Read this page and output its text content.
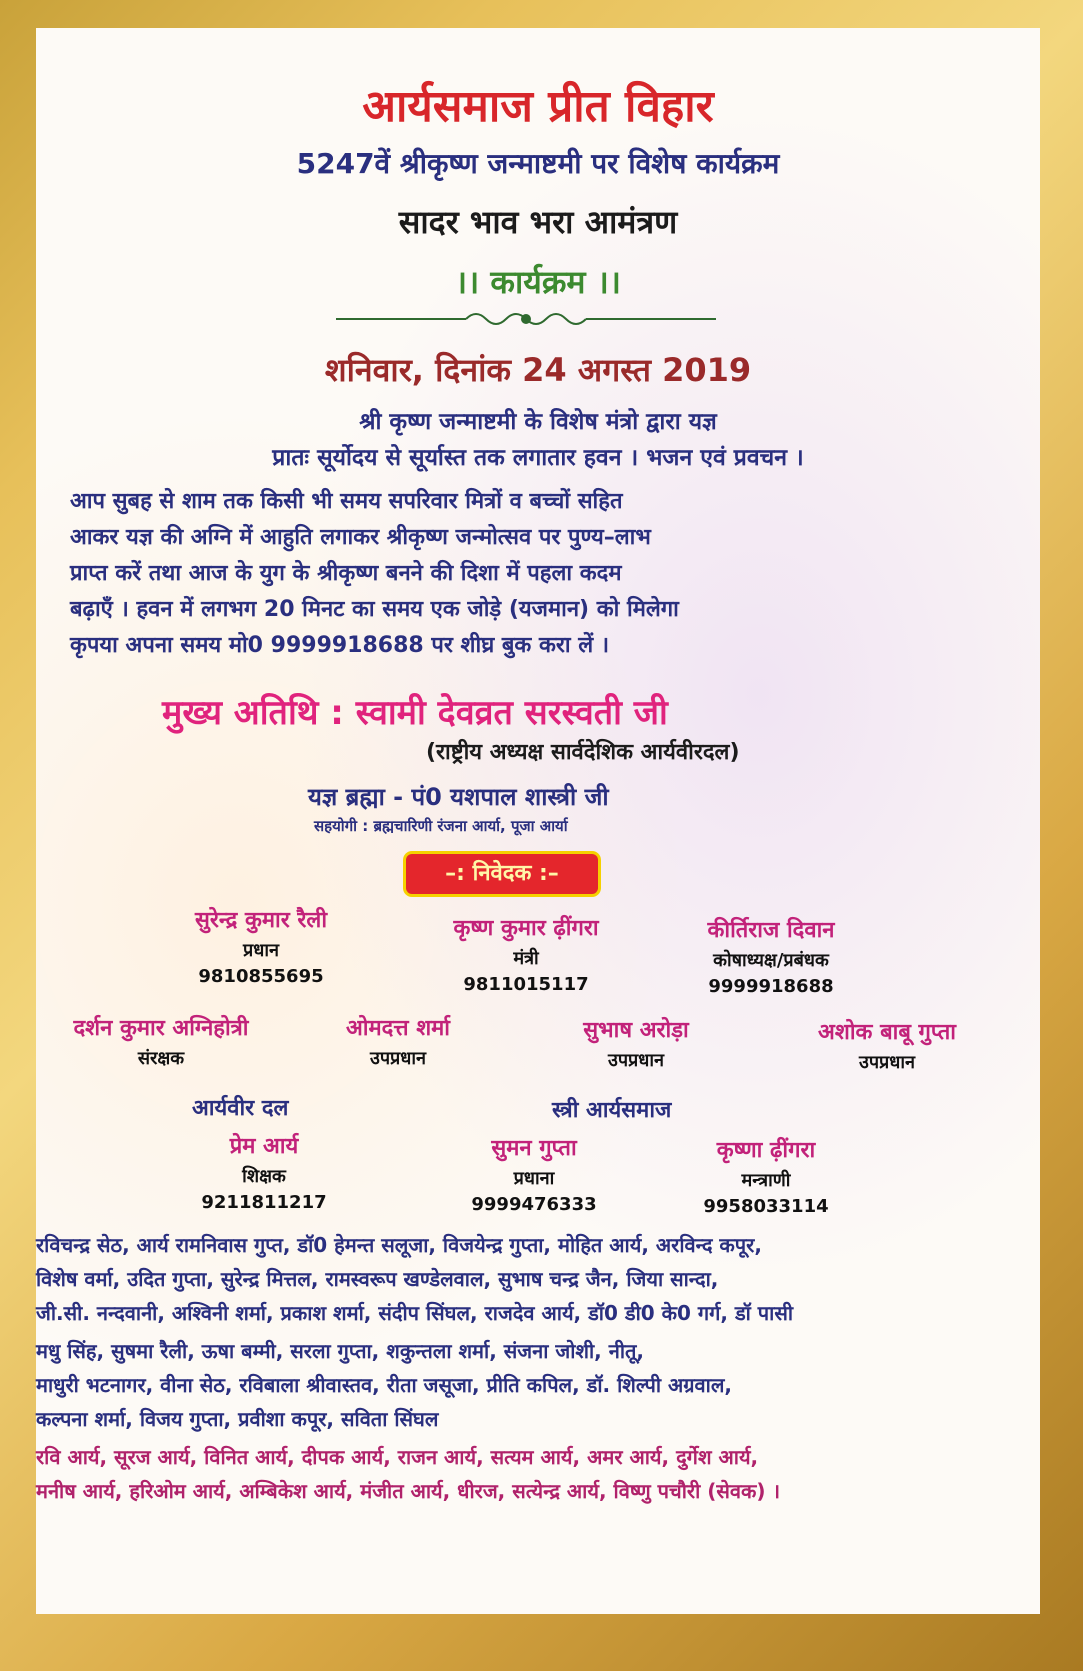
आर्यसमाज प्रीत विहार
5247वें श्रीकृष्ण जन्माष्टमी पर विशेष कार्यक्रम
सादर भाव भरा आमंत्रण
।। कार्यक्रम ।।
शनिवार, दिनांक 24 अगस्त 2019
श्री कृष्ण जन्माष्टमी के विशेष मंत्रो द्वारा यज्ञ
प्रातः सूर्योदय से सूर्यास्त तक लगातार हवन । भजन एवं प्रवचन ।
आप सुबह से शाम तक किसी भी समय सपरिवार मित्रों व बच्चों सहित
आकर यज्ञ की अग्नि में आहुति लगाकर श्रीकृष्ण जन्मोत्सव पर पुण्य–लाभ
प्राप्त करें तथा आज के युग के श्रीकृष्ण बनने की दिशा में पहला कदम
बढ़ाएँ । हवन में लगभग 20 मिनट का समय एक जोड़े (यजमान) को मिलेगा
कृपया अपना समय मो0 9999918688 पर शीघ्र बुक करा लें ।
मुख्य अतिथि : स्वामी देवव्रत सरस्वती जी
(राष्ट्रीय अध्यक्ष सार्वदेशिक आर्यवीरदल)
यज्ञ ब्रह्मा - पं0 यशपाल शास्त्री जी
सहयोगी : ब्रह्मचारिणी रंजना आर्या, पूजा आर्या
–: निवेदक :–
सुरेन्द्र कुमार रैली
प्रधान
9810855695
कृष्ण कुमार ढ़ींगरा
मंत्री
9811015117
कीर्तिराज दिवान
कोषाध्यक्ष/प्रबंधक
9999918688
दर्शन कुमार अग्निहोत्री
संरक्षक
ओमदत्त शर्मा
उपप्रधान
सुभाष अरोड़ा
उपप्रधान
अशोक बाबू गुप्ता
उपप्रधान
आर्यवीर दल	स्त्री आर्यसमाज
प्रेम आर्य
शिक्षक
9211811217
सुमन गुप्ता
प्रधाना
9999476333
कृष्णा ढ़ींगरा
मन्त्राणी
9958033114
रविचन्द्र सेठ, आर्य रामनिवास गुप्त, डॉ0 हेमन्त सलूजा, विजयेन्द्र गुप्ता, मोहित आर्य, अरविन्द कपूर,
विशेष वर्मा, उदित गुप्ता, सुरेन्द्र मित्तल, रामस्वरूप खण्डेलवाल, सुभाष चन्द्र जैन, जिया सान्दा,
जी.सी. नन्दवानी, अश्विनी शर्मा, प्रकाश शर्मा, संदीप सिंघल, राजदेव आर्य, डॉ0 डी0 के0 गर्ग, डॉ पासी
मधु सिंह, सुषमा रैली, ऊषा बम्मी, सरला गुप्ता, शकुन्तला शर्मा, संजना जोशी, नीतू,
माधुरी भटनागर, वीना सेठ, रविबाला श्रीवास्तव, रीता जसूजा, प्रीति कपिल, डॉ. शिल्पी अग्रवाल,
कल्पना शर्मा, विजय गुप्ता, प्रवीशा कपूर, सविता सिंघल
रवि आर्य, सूरज आर्य, विनित आर्य, दीपक आर्य, राजन आर्य, सत्यम आर्य, अमर आर्य, दुर्गेश आर्य,
मनीष आर्य, हरिओम आर्य, अम्बिकेश आर्य, मंजीत आर्य, धीरज, सत्येन्द्र आर्य, विष्णु पचौरी (सेवक) ।
